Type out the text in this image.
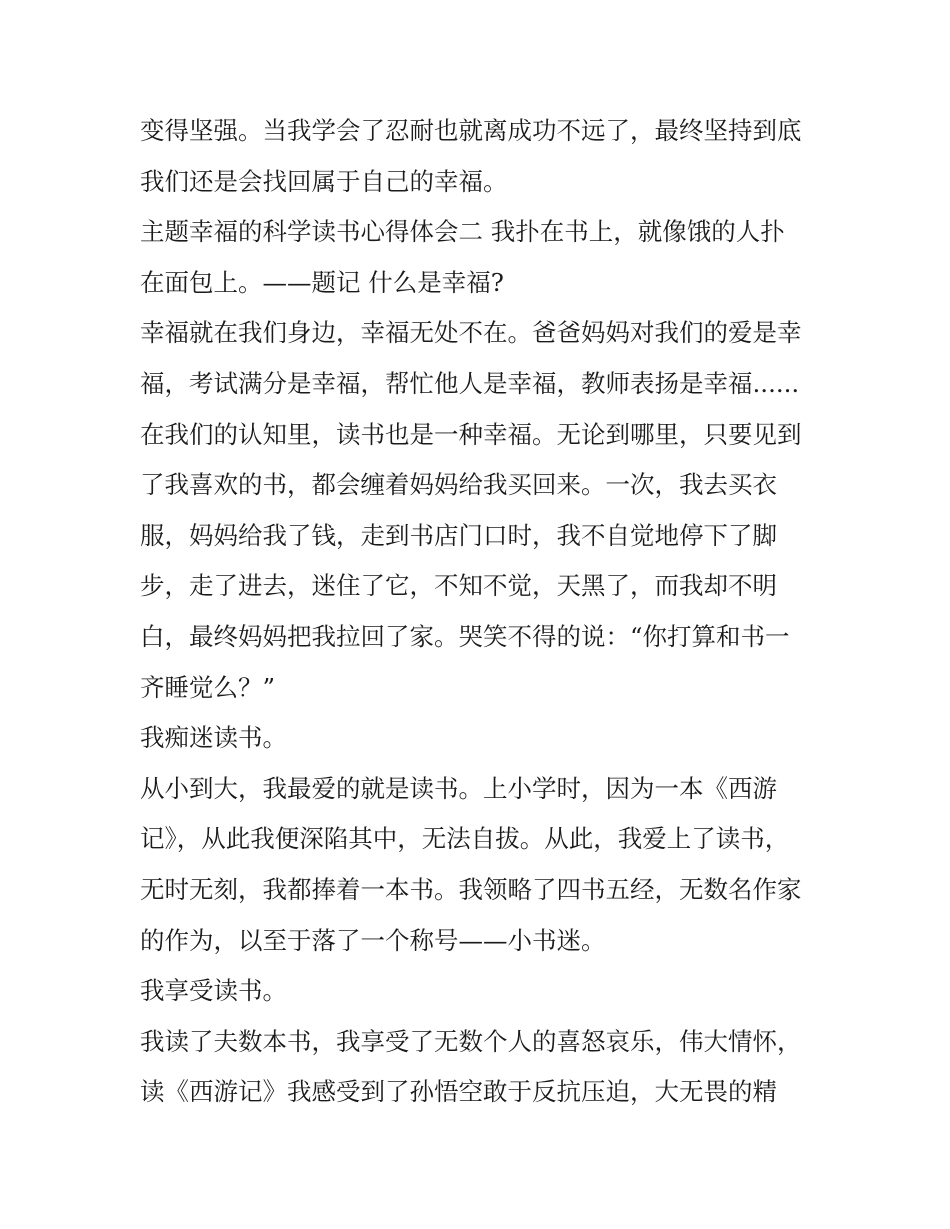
变得坚强。当我学会了忍耐也就离成功不远了，最终坚持到底
我们还是会找回属于自己的幸福。
主题幸福的科学读书心得体会二 我扑在书上，就像饿的人扑
在面包上。——题记 什么是幸福?
幸福就在我们身边，幸福无处不在。爸爸妈妈对我们的爱是幸
福，考试满分是幸福，帮忙他人是幸福，教师表扬是幸福......
在我们的认知里，读书也是一种幸福。无论到哪里，只要见到
了我喜欢的书，都会缠着妈妈给我买回来。一次，我去买衣
服，妈妈给我了钱，走到书店门口时，我不自觉地停下了脚
步，走了进去，迷住了它，不知不觉，天黑了，而我却不明
白，最终妈妈把我拉回了家。哭笑不得的说：“你打算和书一
齐睡觉么？”
我痴迷读书。
从小到大，我最爱的就是读书。上小学时，因为一本《西游
记》，从此我便深陷其中，无法自拔。从此，我爱上了读书，
无时无刻，我都捧着一本书。我领略了四书五经，无数名作家
的作为，以至于落了一个称号——小书迷。
我享受读书。
我读了夫数本书，我享受了无数个人的喜怒哀乐，伟大情怀，
读《西游记》我感受到了孙悟空敢于反抗压迫，大无畏的精
